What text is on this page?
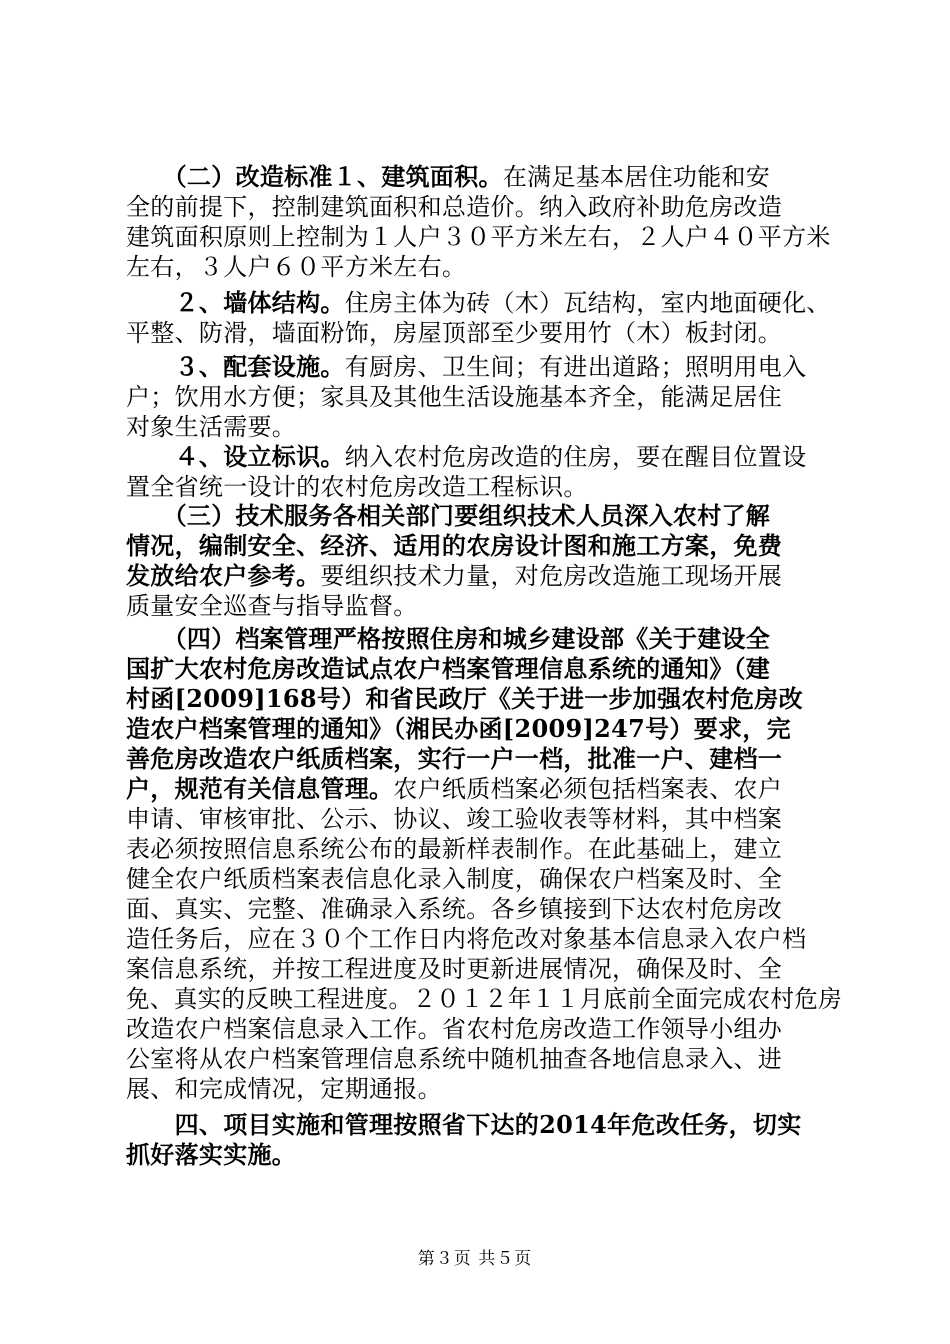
　　（二）改造标准１、建筑面积。在满足基本居住功能和安
全的前提下，控制建筑面积和总造价。纳入政府补助危房改造
建筑面积原则上控制为１人户３０平方米左右，２人户４０平方米
左右，３人户６０平方米左右。
　　２、墙体结构。住房主体为砖（木）瓦结构，室内地面硬化、
平整、防滑，墙面粉饰，房屋顶部至少要用竹（木）板封闭。
　　３、配套设施。有厨房、卫生间；有进出道路；照明用电入
户；饮用水方便；家具及其他生活设施基本齐全，能满足居住
对象生活需要。
　　４、设立标识。纳入农村危房改造的住房，要在醒目位置设
置全省统一设计的农村危房改造工程标识。
　　（三）技术服务各相关部门要组织技术人员深入农村了解
情况，编制安全、经济、适用的农房设计图和施工方案，免费
发放给农户参考。要组织技术力量，对危房改造施工现场开展
质量安全巡查与指导监督。
　　（四）档案管理严格按照住房和城乡建设部《关于建设全
国扩大农村危房改造试点农户档案管理信息系统的通知》（建
村函[2009]168号）和省民政厅《关于进一步加强农村危房改
造农户档案管理的通知》（湘民办函[2009]247号）要求，完
善危房改造农户纸质档案，实行一户一档，批准一户、建档一
户，规范有关信息管理。农户纸质档案必须包括档案表、农户
申请、审核审批、公示、协议、竣工验收表等材料，其中档案
表必须按照信息系统公布的最新样表制作。在此基础上，建立
健全农户纸质档案表信息化录入制度，确保农户档案及时、全
面、真实、完整、准确录入系统。各乡镇接到下达农村危房改
造任务后，应在３０个工作日内将危改对象基本信息录入农户档
案信息系统，并按工程进度及时更新进展情况，确保及时、全
免、真实的反映工程进度。２０１２年１１月底前全面完成农村危房
改造农户档案信息录入工作。省农村危房改造工作领导小组办
公室将从农户档案管理信息系统中随机抽查各地信息录入、进
展、和完成情况，定期通报。
　　四、项目实施和管理按照省下达的2014年危改任务，切实
抓好落实实施。
第３页 共５页
